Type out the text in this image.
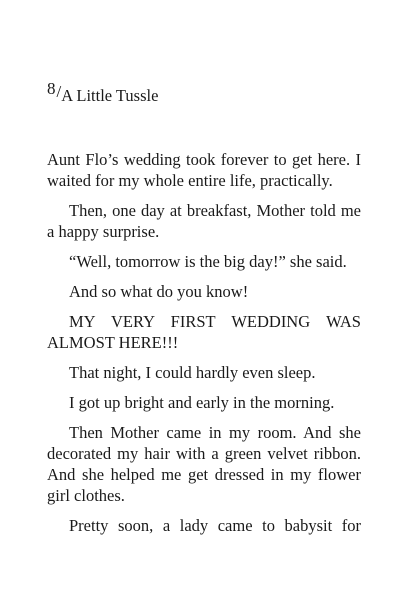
8/A Little Tussle

Aunt Flo’s wedding took forever to get here. I waited for my whole entire life, practically.

Then, one day at breakfast, Mother told me a happy surprise.

“Well, tomorrow is the big day!” she said.

And so what do you know!

MY VERY FIRST WEDDING WAS ALMOST HERE!!!

That night, I could hardly even sleep.

I got up bright and early in the morning.

Then Mother came in my room. And she decorated my hair with a green velvet ribbon. And she helped me get dressed in my flower girl clothes.

Pretty soon, a lady came to babysit for
